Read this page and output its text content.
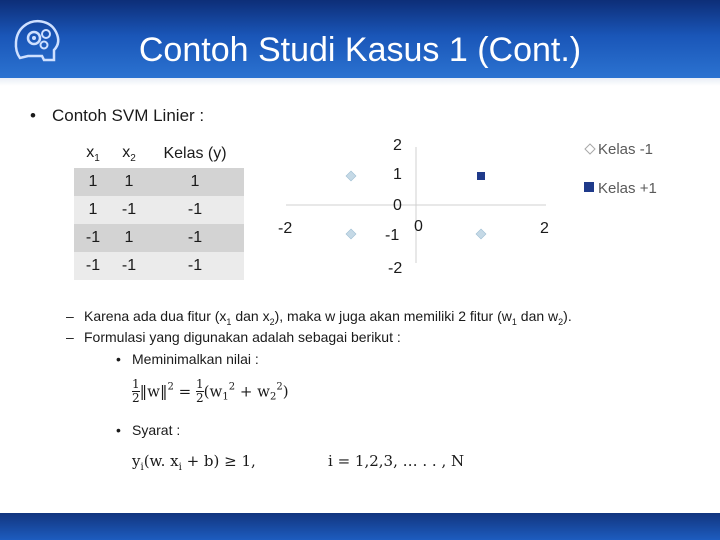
Contoh Studi Kasus 1 (Cont.)
• Contoh SVM Linier :
$x_1$	$x_2$	Kelas (y)
1	1	1
1	-1	-1
-1	1	-1
-1	-1	-1
-2	-1
0	2
2
1
0
-2
Kelas -1
Kelas +1
– Karena ada dua fitur ($x_1$ dan $x_2$), maka w juga akan memiliki 2 fitur ($w_1$ dan $w_2$).
– Formulasi yang digunakan adalah sebagai berikut :
• Meminimalkan nilai :
$\frac{1}{2}$ ‖w‖$^2$ = $\frac{1}{2} (w_1^2 + w_2^2)$
• Syarat :
$y_i(w$. $x_i + b) \ge 1$,	i = 1,2,3, … . . , N
